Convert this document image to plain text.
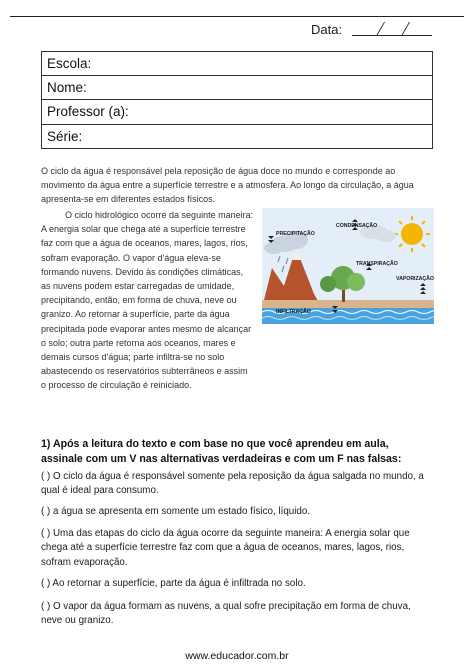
Data:
Escola:
Nome:
Professor (a):
Série:
O ciclo da água é responsável pela reposição de água doce no mundo e corresponde ao movimento da água entre a superfície terrestre e a atmosfera. Ao longo da circulação, a água apresenta-se em diferentes estados físicos.
O ciclo hidrológico ocorre da seguinte maneira: A energia solar que chega até a superfície terrestre faz com que a água de oceanos, mares, lagos, rios, sofram evaporação. O vapor d'água eleva-se formando nuvens. Devido às condições climáticas, as nuvens podem estar carregadas de umidade, precipitando, então, em forma de chuva, neve ou granizo. Ao retornar à superfície, parte da água precipitada pode evaporar antes mesmo de alcançar o solo; outra parte retorna aos oceanos, mares e demais cursos d'água; parte infiltra-se no solo abastecendo os reservatórios subterrâneos e assim o processo de circulação é reiniciado.
PRECIPITAÇÃO
CONDENSAÇÃO
TRANSPIRAÇÃO
VAPORIZAÇÃO
INFILTRAÇÃO
1) Após a leitura do texto e com base no que você aprendeu em aula, assinale com um V nas alternativas verdadeiras e com um F nas falsas:
( ) O ciclo da água é responsável somente pela reposição da água salgada no mundo, a qual é ideal para consumo.
( ) a água se apresenta em somente um estado físico, líquido.
( ) Uma das etapas do ciclo da água ocorre da seguinte maneira: A energia solar que chega até a superfície terrestre faz com que a água de oceanos, mares, lagos, rios, sofram evaporação.
( ) Ao retornar a superfície, parte da água é infiltrada no solo.
( ) O vapor da água formam as nuvens, a qual sofre precipitação em forma de chuva, neve ou granizo.
www.educador.com.br
